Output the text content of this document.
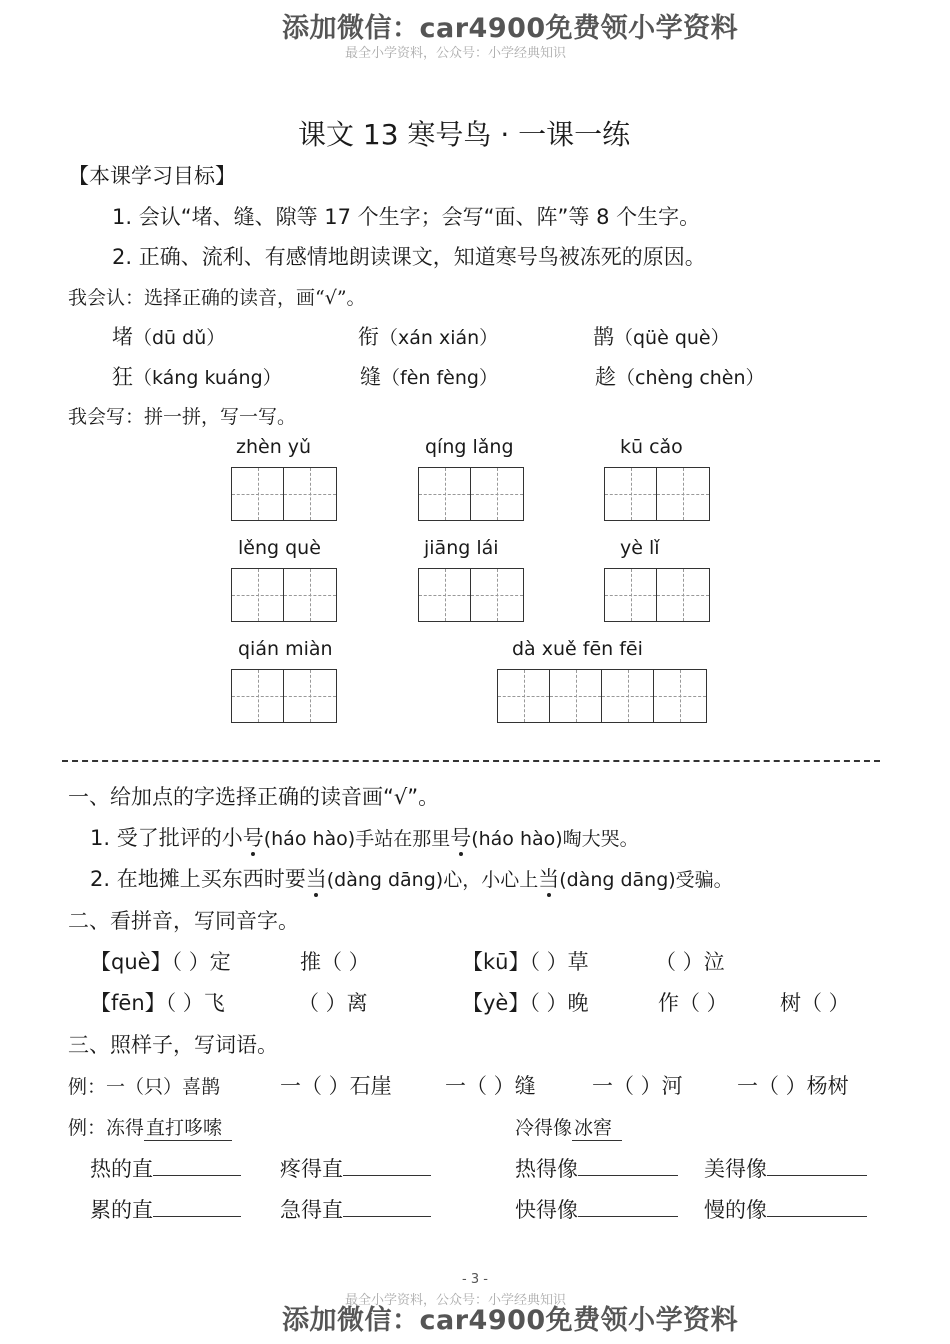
添加微信：car4900免费领小学资料
最全小学资料，公众号：小学经典知识
课文 13 寒号鸟 · 一课一练
【本课学习目标】
1. 会认“堵、缝、隙等 17 个生字；会写“面、阵”等 8 个生字。
2. 正确、流利、有感情地朗读课文，知道寒号鸟被冻死的原因。
我会认：选择正确的读音，画“√”。
堵（dū dǔ）	衔（xán xián）	鹊（qüè què）
狂（káng kuáng）	缝（fèn fèng）	趁（chèng chèn）
我会写：拼一拼，写一写。
zhèn yǔ	qíng lǎng	kū cǎo
lěng què	jiāng lái	yè lǐ
qián miàn	dà xuě fēn fēi
一、给加点的字选择正确的读音画“√”。
1. 受了批评的小号(háo hào)手站在那里号(háo hào)啕大哭。
2. 在地摊上买东西时要当(dàng dāng)心，小心上当(dàng dāng)受骗。
二、看拼音，写同音字。
【què】（ ）定	推（ ）	【kū】（ ）草	（ ）泣
【fēn】（ ）飞	（ ）离	【yè】（ ）晚	作（ ） 树（ ）
三、照样子，写词语。
例：一（只）喜鹊	一（ ）石崖	一（ ）缝	一（ ）河	一（ ）杨树
例：冻得 直打哆嗦	冷得像 冰窖
热的直	疼得直	热得像	美得像
累的直	急得直	快得像	慢的像
- 3 -
最全小学资料，公众号：小学经典知识
添加微信：car4900免费领小学资料
